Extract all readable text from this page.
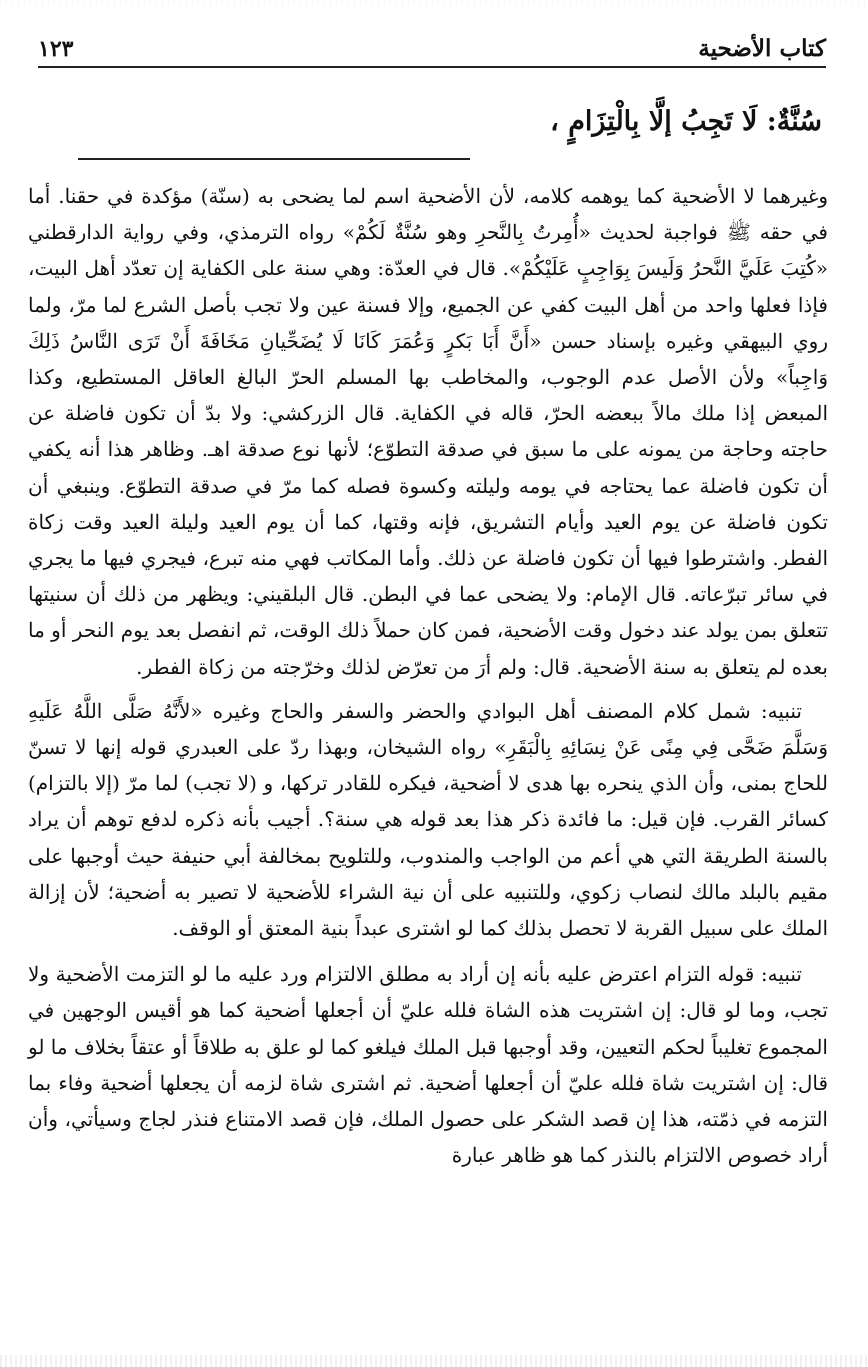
كتاب الأضحية
١٢٣
سُنَّةٌ: لَا تَجِبُ إلَّا بِالْتِزَامٍ ،

وغيرهما لا الأضحية كما يوهمه كلامه، لأن الأضحية اسم لما يضحى به (سنّة) مؤكدة في حقنا. أما في حقه ﷺ فواجبة لحديث «أُمِرتُ بِالنَّحرِ وهو سُنَّةٌ لَكُمْ» رواه الترمذي، وفي رواية الدارقطني «كُتِبَ عَلَيَّ النَّحرُ وَلَيسَ بِوَاجِبٍ عَلَيْكُمْ». قال في العدّة: وهي سنة على الكفاية إن تعدّد أهل البيت، فإذا فعلها واحد من أهل البيت كفي عن الجميع، وإلا فسنة عين ولا تجب بأصل الشرع لما مرّ، ولما روي البيهقي وغيره بإسناد حسن «أَنَّ أَبَا بَكرٍ وَعُمَرَ كَانَا لَا يُضَحِّيانِ مَخَافَةَ أَنْ تَرَى النَّاسُ ذَلِكَ وَاجِباً» ولأن الأصل عدم الوجوب، والمخاطب بها المسلم الحرّ البالغ العاقل المستطيع، وكذا المبعض إذا ملك مالاً ببعضه الحرّ، قاله في الكفاية. قال الزركشي: ولا بدّ أن تكون فاضلة عن حاجته وحاجة من يمونه على ما سبق في صدقة التطوّع؛ لأنها نوع صدقة اهـ. وظاهر هذا أنه يكفي أن تكون فاضلة عما يحتاجه في يومه وليلته وكسوة فصله كما مرّ في صدقة التطوّع. وينبغي أن تكون فاضلة عن يوم العيد وأيام التشريق، فإنه وقتها، كما أن يوم العيد وليلة العيد وقت زكاة الفطر. واشترطوا فيها أن تكون فاضلة عن ذلك. وأما المكاتب فهي منه تبرع، فيجري فيها ما يجري في سائر تبرّعاته. قال الإمام: ولا يضحى عما في البطن. قال البلقيني: ويظهر من ذلك أن سنيتها تتعلق بمن يولد عند دخول وقت الأضحية، فمن كان حملاً ذلك الوقت، ثم انفصل بعد يوم النحر أو ما بعده لم يتعلق به سنة الأضحية. قال: ولم أرَ من تعرّض لذلك وخرّجته من زكاة الفطر.

تنبيه: شمل كلام المصنف أهل البوادي والحضر والسفر والحاج وغيره «لأَنَّهُ صَلَّى اللَّهُ عَلَيهِ وَسَلَّمَ ضَحَّى فِي مِنًى عَنْ نِسَائِهِ بِالْبَقَرِ» رواه الشيخان، وبهذا ردّ على العبدري قوله إنها لا تسنّ للحاج بمنى، وأن الذي ينحره بها هدى لا أضحية، فيكره للقادر تركها، و (لا تجب) لما مرّ (إلا بالتزام) كسائر القرب. فإن قيل: ما فائدة ذكر هذا بعد قوله هي سنة؟. أجيب بأنه ذكره لدفع توهم أن يراد بالسنة الطريقة التي هي أعم من الواجب والمندوب، وللتلويح بمخالفة أبي حنيفة حيث أوجبها على مقيم بالبلد مالك لنصاب زكوي، وللتنبيه على أن نية الشراء للأضحية لا تصير به أضحية؛ لأن إزالة الملك على سبيل القربة لا تحصل بذلك كما لو اشترى عبداً بنية المعتق أو الوقف.

تنبيه: قوله التزام اعترض عليه بأنه إن أراد به مطلق الالتزام ورد عليه ما لو التزمت الأضحية ولا تجب، وما لو قال: إن اشتريت هذه الشاة فلله عليّ أن أجعلها أضحية كما هو أقيس الوجهين في المجموع تغليباً لحكم التعيين، وقد أوجبها قبل الملك فيلغو كما لو علق به طلاقاً أو عتقاً بخلاف ما لو قال: إن اشتريت شاة فلله عليّ أن أجعلها أضحية. ثم اشترى شاة لزمه أن يجعلها أضحية وفاء بما التزمه في ذمّته، هذا إن قصد الشكر على حصول الملك، فإن قصد الامتناع فنذر لجاج وسيأتي، وأن أراد خصوص الالتزام بالنذر كما هو ظاهر عبارة
